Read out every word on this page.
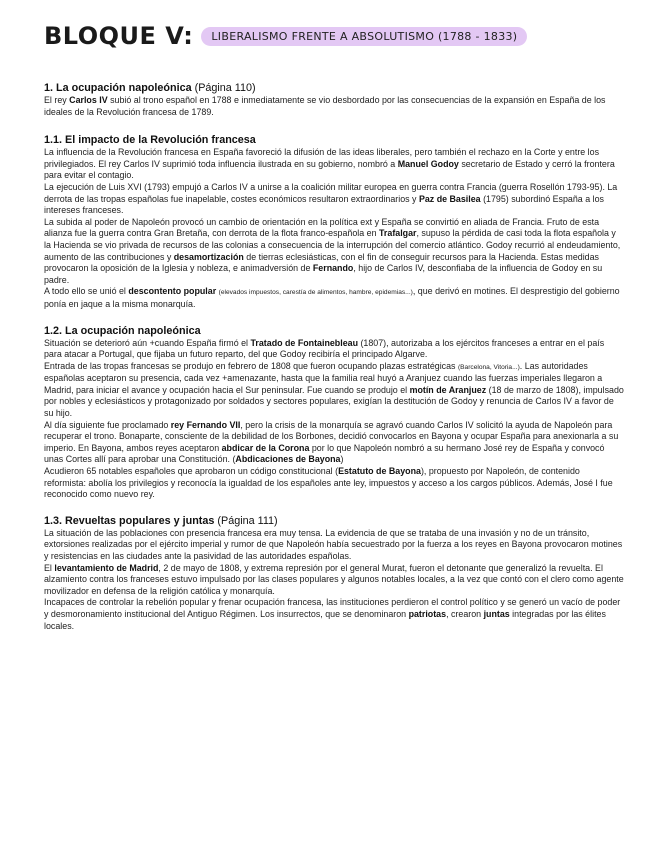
BLOQUE V:	LIBERALISMO FRENTE A ABSOLUTISMO (1788 - 1833)
1. La ocupación napoleónica (Página 110)

El rey Carlos IV subió al trono español en 1788 e inmediatamente se vio desbordado por las consecuencias de la expansión en España de los ideales de la Revolución francesa de 1789.

1.1. El impacto de la Revolución francesa

La influencia de la Revolución francesa en España favoreció la difusión de las ideas liberales, pero también el rechazo en la Corte y entre los privilegiados. El rey Carlos IV suprimió toda influencia ilustrada en su gobierno, nombró a Manuel Godoy secretario de Estado y cerró la frontera para evitar el contagio.

La ejecución de Luis XVI (1793) empujó a Carlos IV a unirse a la coalición militar europea en guerra contra Francia (guerra Rosellón 1793-95). La derrota de las tropas españolas fue inapelable, costes económicos resultaron extraordinarios y Paz de Basilea (1795) subordinó España a los intereses franceses.

La subida al poder de Napoleón provocó un cambio de orientación en la política ext y España se convirtió en aliada de Francia. Fruto de esta alianza fue la guerra contra Gran Bretaña, con derrota de la flota franco-española en Trafalgar, supuso la pérdida de casi toda la flota española y la Hacienda se vio privada de recursos de las colonias a consecuencia de la interrupción del comercio atlántico. Godoy recurrió al endeudamiento, aumento de las contribuciones y desamortización de tierras eclesiásticas, con el fin de conseguir recursos para la Hacienda. Estas medidas provocaron la oposición de la Iglesia y nobleza, e animadversión de Fernando, hijo de Carlos IV, desconfiaba de la influencia de Godoy en su padre.

A todo ello se unió el descontento popular (elevados impuestos, carestía de alimentos, hambre, epidemias...), que derivó en motines. El desprestigio del gobierno ponía en jaque a la misma monarquía.

1.2. La ocupación napoleónica

Situación se deterioró aún +cuando España firmó el Tratado de Fontainebleau (1807), autorizaba a los ejércitos franceses a entrar en el país para atacar a Portugal, que fijaba un futuro reparto, del que Godoy recibiría el principado Algarve.

Entrada de las tropas francesas se produjo en febrero de 1808 que fueron ocupando plazas estratégicas (Barcelona, Vitoria...). Las autoridades españolas aceptaron su presencia, cada vez +amenazante, hasta que la familia real huyó a Aranjuez cuando las fuerzas imperiales llegaron a Madrid, para iniciar el avance y ocupación hacia el Sur peninsular. Fue cuando se produjo el motín de Aranjuez (18 de marzo de 1808), impulsado por nobles y eclesiásticos y protagonizado por soldados y sectores populares, exigían la destitución de Godoy y renuncia de Carlos IV a favor de su hijo.

Al día siguiente fue proclamado rey Fernando VII, pero la crisis de la monarquía se agravó cuando Carlos IV solicitó la ayuda de Napoleón para recuperar el trono. Bonaparte, consciente de la debilidad de los Borbones, decidió convocarlos en Bayona y ocupar España para anexionarla a su imperio. En Bayona, ambos reyes aceptaron abdicar de la Corona por lo que Napoleón nombró a su hermano José rey de España y convocó unas Cortes allí para aprobar una Constitución. (Abdicaciones de Bayona)

Acudieron 65 notables españoles que aprobaron un código constitucional (Estatuto de Bayona), propuesto por Napoleón, de contenido reformista: abolía los privilegios y reconocía la igualdad de los españoles ante ley, impuestos y acceso a los cargos públicos. Además, José I fue reconocido como nuevo rey.

1.3. Revueltas populares y juntas (Página 111)

La situación de las poblaciones con presencia francesa era muy tensa. La evidencia de que se trataba de una invasión y no de un tránsito, extorsiones realizadas por el ejército imperial y rumor de que Napoleón había secuestrado por la fuerza a los reyes en Bayona provocaron motines y resistencias en las ciudades ante la pasividad de las autoridades españolas.

El levantamiento de Madrid, 2 de mayo de 1808, y extrema represión por el general Murat, fueron el detonante que generalizó la revuelta. El alzamiento contra los franceses estuvo impulsado por las clases populares y algunos notables locales, a la vez que contó con el clero como agente movilizador en defensa de la religión católica y monarquía.

Incapaces de controlar la rebelión popular y frenar ocupación francesa, las instituciones perdieron el control político y se generó un vacío de poder y desmoronamiento institucional del Antiguo Régimen. Los insurrectos, que se denominaron patriotas, crearon juntas integradas por las élites locales.
